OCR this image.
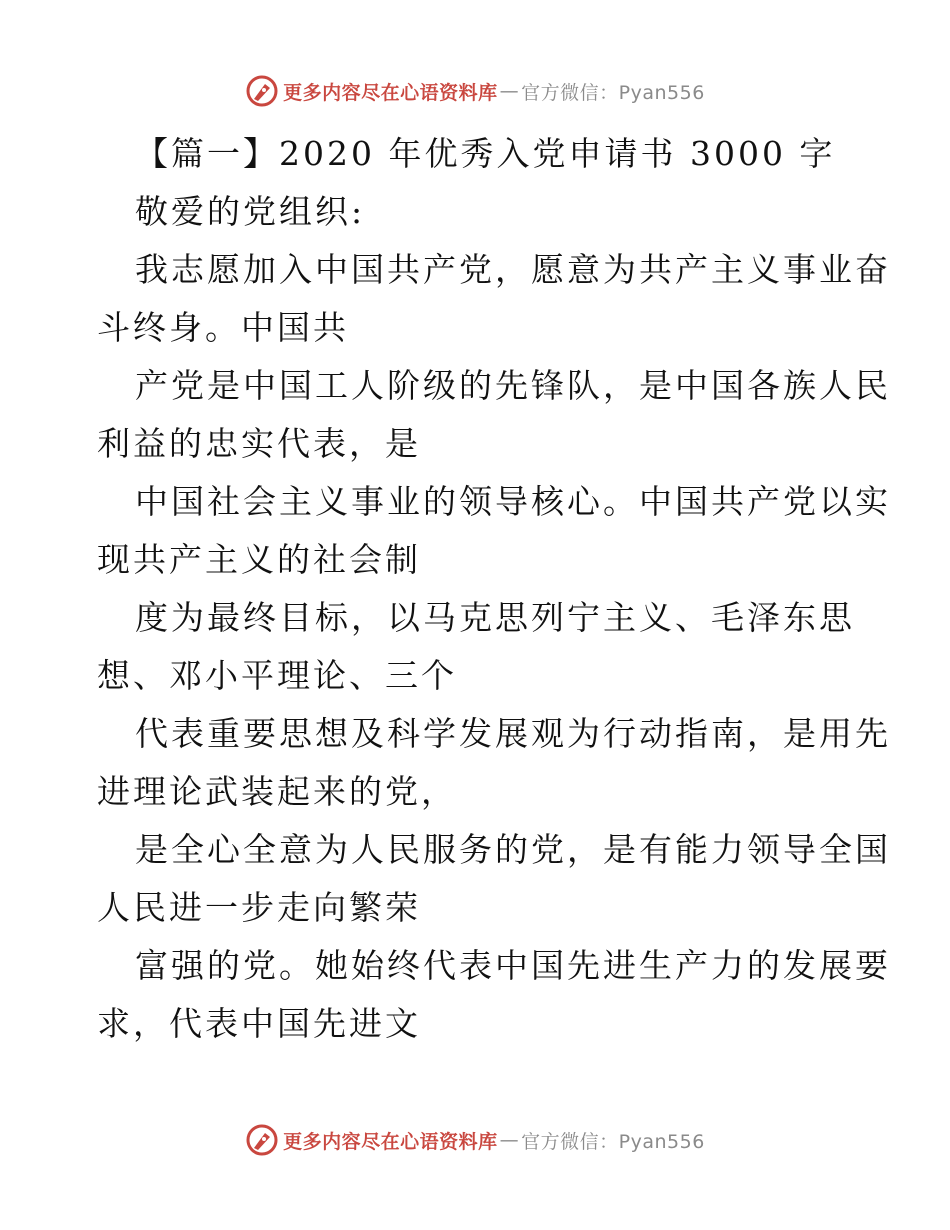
更多内容尽在心语资料库 — 官方微信：Pyan556
【篇一】2020 年优秀入党申请书 3000 字
敬爱的党组织:
我志愿加入中国共产党，愿意为共产主义事业奋
斗终身。中国共
产党是中国工人阶级的先锋队，是中国各族人民
利益的忠实代表，是
中国社会主义事业的领导核心。中国共产党以实
现共产主义的社会制
度为最终目标，以马克思列宁主义、毛泽东思
想、邓小平理论、三个
代表重要思想及科学发展观为行动指南，是用先
进理论武装起来的党，
是全心全意为人民服务的党，是有能力领导全国
人民进一步走向繁荣
富强的党。她始终代表中国先进生产力的发展要
求，代表中国先进文
更多内容尽在心语资料库 — 官方微信：Pyan556
